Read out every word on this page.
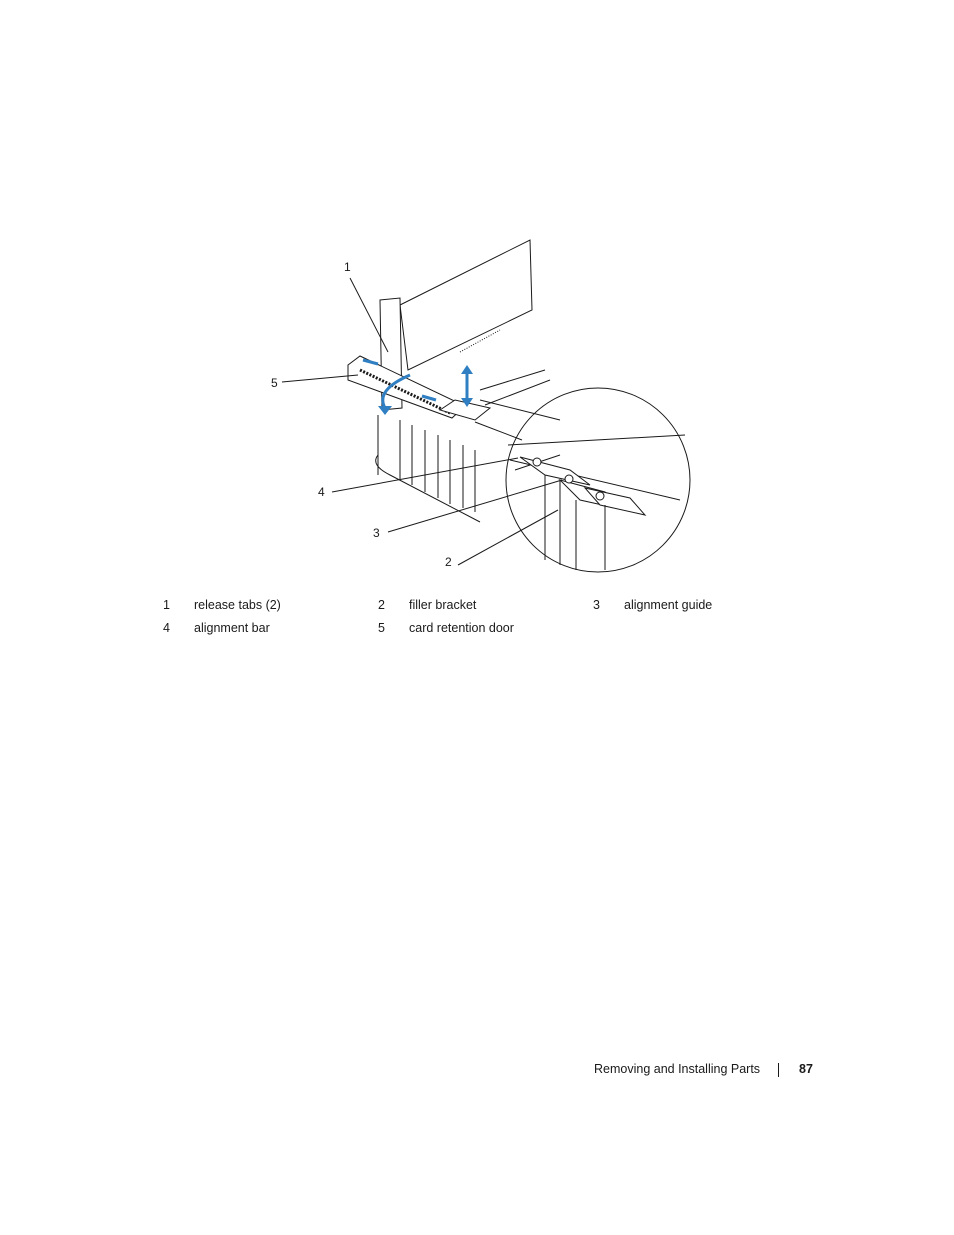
1
5
4
3
2
1 release tabs (2)	2 filler bracket	3 alignment guide
4 alignment bar	5 card retention door
Removing and Installing Parts	87
